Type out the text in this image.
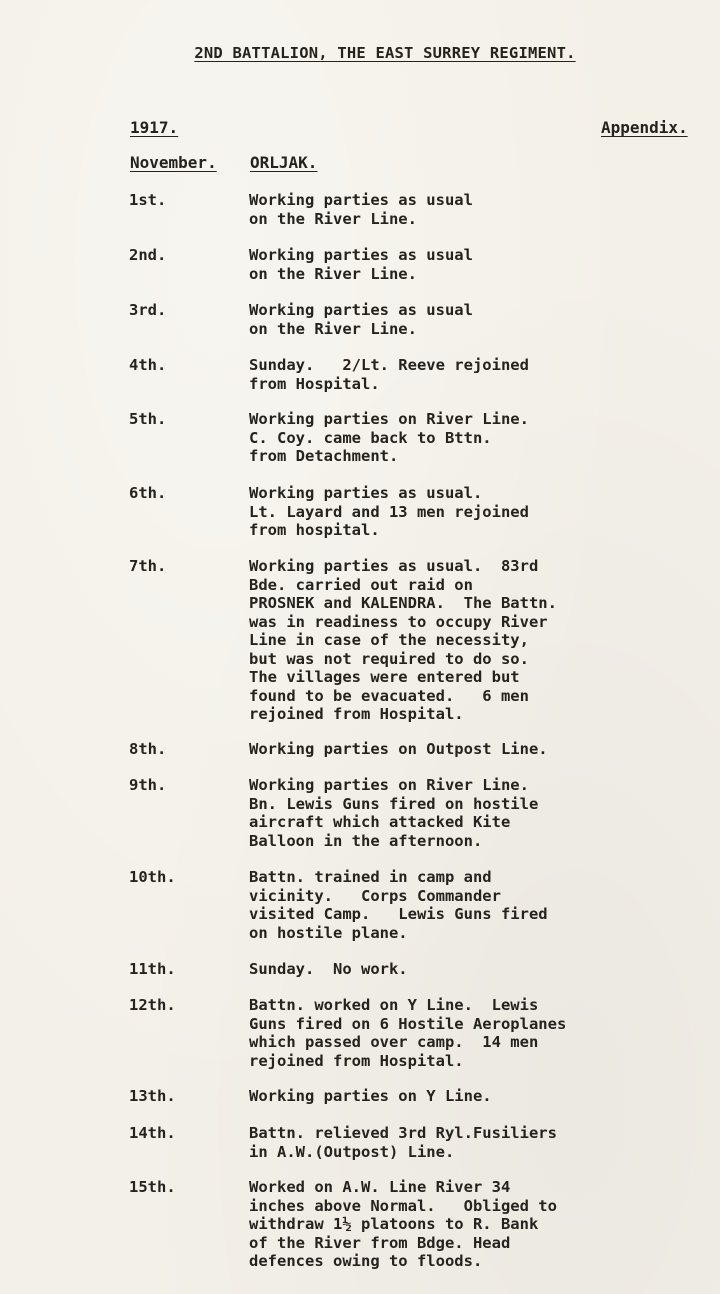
2ND BATTALION, THE EAST SURREY REGIMENT.
1917.	Appendix.
November. ORLJAK.
1st.	Working parties as usual
on the River Line.
2nd.	Working parties as usual
on the River Line.
3rd.	Working parties as usual
on the River Line.
4th.	Sunday.   2/Lt. Reeve rejoined
from Hospital.
5th.	Working parties on River Line.
C. Coy. came back to Bttn.
from Detachment.
6th.	Working parties as usual.
Lt. Layard and 13 men rejoined
from hospital.
7th.	Working parties as usual.  83rd
Bde. carried out raid on
PROSNEK and KALENDRA.  The Battn.
was in readiness to occupy River
Line in case of the necessity,
but was not required to do so.
The villages were entered but
found to be evacuated.   6 men
rejoined from Hospital.
8th.	Working parties on Outpost Line.
9th.	Working parties on River Line.
Bn. Lewis Guns fired on hostile
aircraft which attacked Kite
Balloon in the afternoon.
10th.	Battn. trained in camp and
vicinity.   Corps Commander
visited Camp.   Lewis Guns fired
on hostile plane.
11th.	Sunday.  No work.
12th.	Battn. worked on Y Line.  Lewis
Guns fired on 6 Hostile Aeroplanes
which passed over camp.  14 men
rejoined from Hospital.
13th.	Working parties on Y Line.
14th.	Battn. relieved 3rd Ryl.Fusiliers
in A.W.(Outpost) Line.
15th.	Worked on A.W. Line River 34
inches above Normal.   Obliged to
withdraw 1½ platoons to R. Bank
of the River from Bdge. Head
defences owing to floods.
